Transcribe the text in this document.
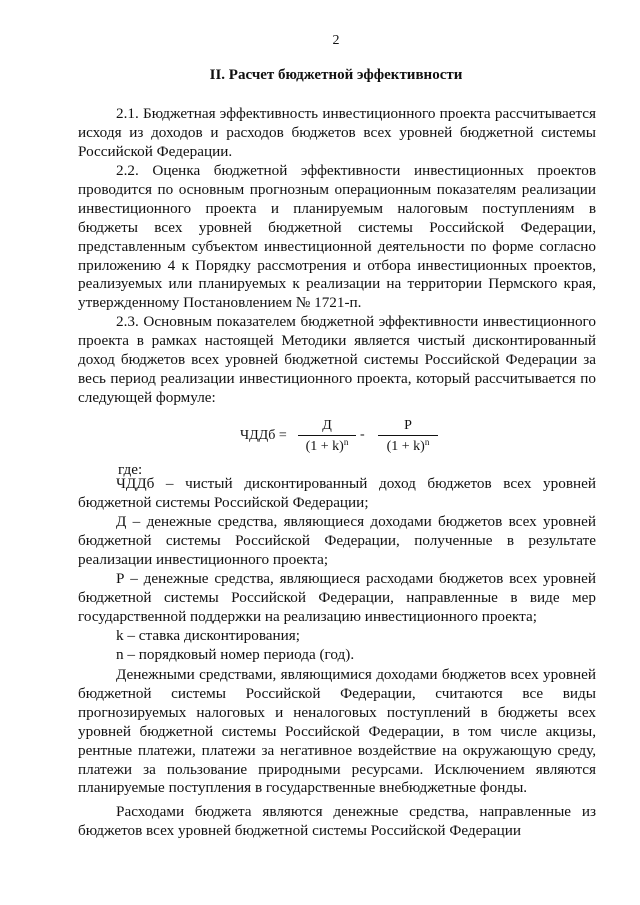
2
II. Расчет бюджетной эффективности
2.1. Бюджетная эффективность инвестиционного проекта рассчитывается исходя из доходов и расходов бюджетов всех уровней бюджетной системы Российской Федерации.
2.2. Оценка бюджетной эффективности инвестиционных проектов проводится по основным прогнозным операционным показателям реализации инвестиционного проекта и планируемым налоговым поступлениям в бюджеты всех уровней бюджетной системы Российской Федерации, представленным субъектом инвестиционной деятельности по форме согласно приложению 4 к Порядку рассмотрения и отбора инвестиционных проектов, реализуемых или планируемых к реализации на территории Пермского края, утвержденному Постановлением № 1721-п.
2.3. Основным показателем бюджетной эффективности инвестиционного проекта в рамках настоящей Методики является чистый дисконтированный доход бюджетов всех уровней бюджетной системы Российской Федерации за весь период реализации инвестиционного проекта, который рассчитывается по следующей формуле:
ЧДДб =
Д
$(1 + k)^n$ -
Р
$(1 + k)^n$
где:
ЧДДб – чистый дисконтированный доход бюджетов всех уровней бюджетной системы Российской Федерации;
Д – денежные средства, являющиеся доходами бюджетов всех уровней бюджетной системы Российской Федерации, полученные в результате реализации инвестиционного проекта;
Р – денежные средства, являющиеся расходами бюджетов всех уровней бюджетной системы Российской Федерации, направленные в виде мер государственной поддержки на реализацию инвестиционного проекта;
k – ставка дисконтирования;
n – порядковый номер периода (год).
Денежными средствами, являющимися доходами бюджетов всех уровней бюджетной системы Российской Федерации, считаются все виды прогнозируемых налоговых и неналоговых поступлений в бюджеты всех уровней бюджетной системы Российской Федерации, в том числе акцизы, рентные платежи, платежи за негативное воздействие на окружающую среду, платежи за пользование природными ресурсами. Исключением являются планируемые поступления в государственные внебюджетные фонды.
Расходами бюджета являются денежные средства, направленные из бюджетов всех уровней бюджетной системы Российской Федерации
